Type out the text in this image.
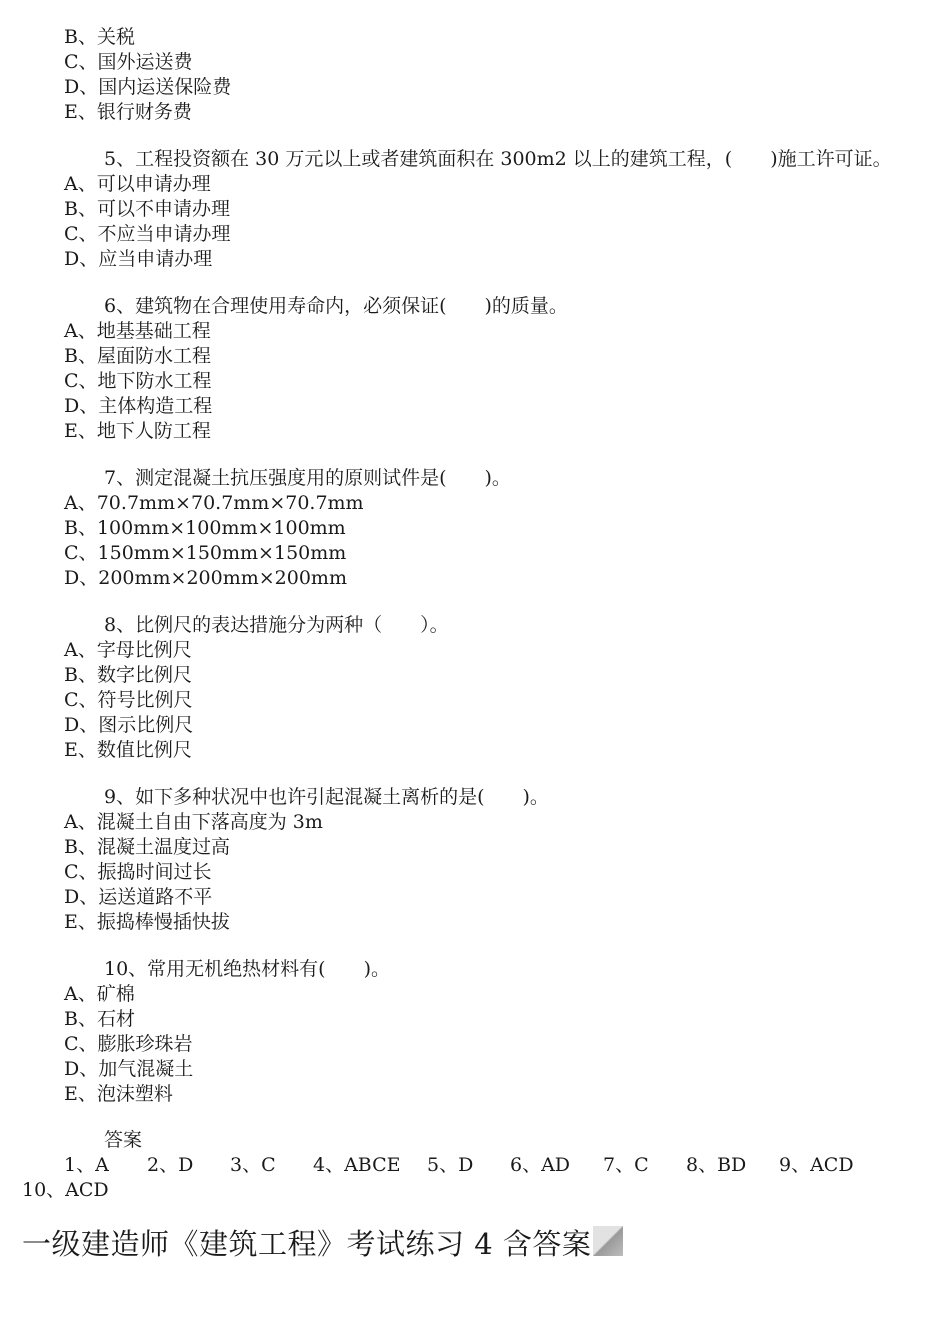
B、关税
C、国外运送费
D、国内运送保险费
E、银行财务费
5、工程投资额在 30 万元以上或者建筑面积在 300m2 以上的建筑工程，(　　)施工许可证。
A、可以申请办理
B、可以不申请办理
C、不应当申请办理
D、应当申请办理
6、建筑物在合理使用寿命内，必须保证(　　)的质量。
A、地基基础工程
B、屋面防水工程
C、地下防水工程
D、主体构造工程
E、地下人防工程
7、测定混凝土抗压强度用的原则试件是(　　)。
A、70.7mm×70.7mm×70.7mm
B、100mm×100mm×100mm
C、150mm×150mm×150mm
D、200mm×200mm×200mm
8、比例尺的表达措施分为两种（　　）。
A、字母比例尺
B、数字比例尺
C、符号比例尺
D、图示比例尺
E、数值比例尺
9、如下多种状况中也许引起混凝土离析的是(　　)。
A、混凝土自由下落高度为 3m
B、混凝土温度过高
C、振捣时间过长
D、运送道路不平
E、振捣棒慢插快拔
10、常用无机绝热材料有(　　)。
A、矿棉
B、石材
C、膨胀珍珠岩
D、加气混凝土
E、泡沫塑料
答案
1、A 2、D 3、C 4、ABCE 5、D 6、AD 7、C 8、BD 9、ACD
10、ACD
一级建造师《建筑工程》考试练习 4 含答案
